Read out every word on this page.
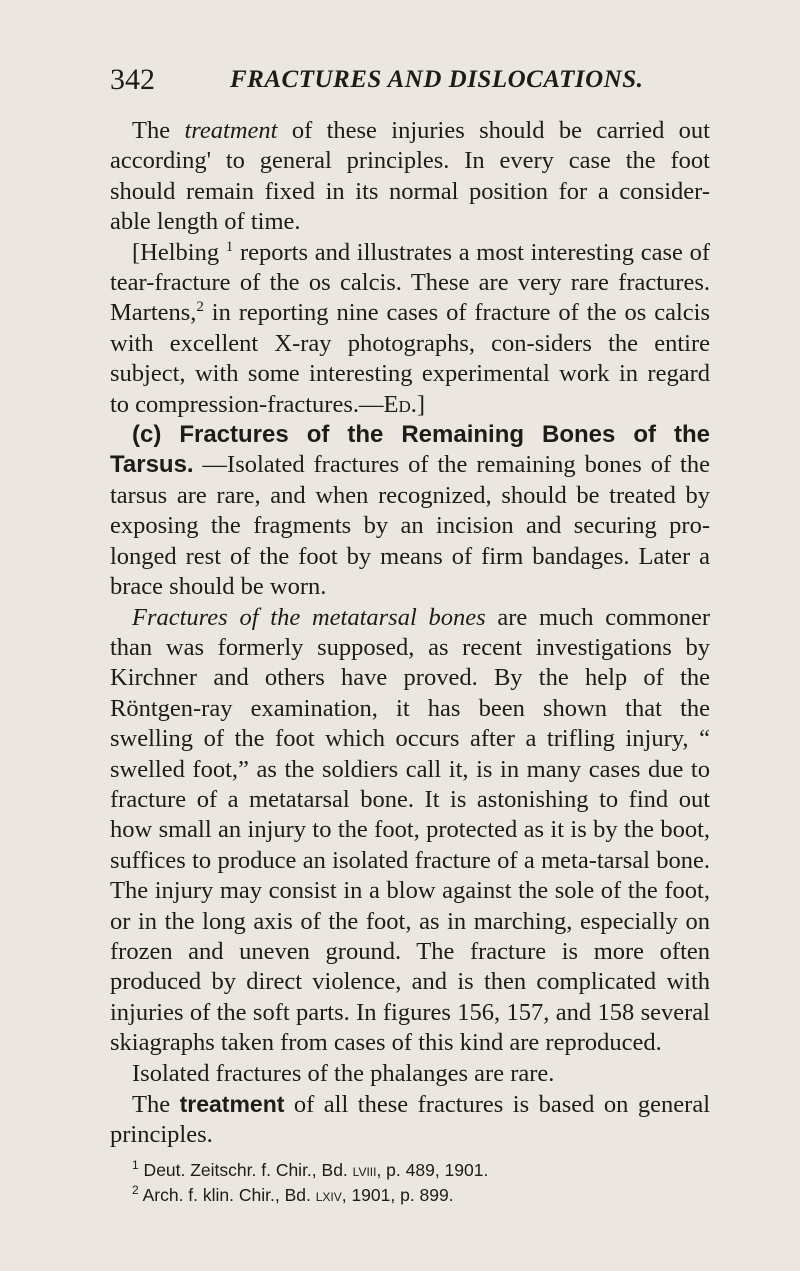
342	FRACTURES AND DISLOCATIONS.

The treatment of these injuries should be carried out according' to general principles. In every case the foot should remain fixed in its normal position for a consider-able length of time.

[Helbing $^1$ reports and illustrates a most interesting case of tear-fracture of the os calcis. These are very rare fractures. Martens,$^2$ in reporting nine cases of fracture of the os calcis with excellent X-ray photographs, con-siders the entire subject, with some interesting experimental work in regard to compression-fractures.—Ed.]

(c) Fractures of the Remaining Bones of the Tarsus. —Isolated fractures of the remaining bones of the tarsus are rare, and when recognized, should be treated by exposing the fragments by an incision and securing pro-longed rest of the foot by means of firm bandages. Later a brace should be worn.

Fractures of the metatarsal bones are much commoner than was formerly supposed, as recent investigations by Kirchner and others have proved. By the help of the Röntgen-ray examination, it has been shown that the swelling of the foot which occurs after a trifling injury, “ swelled foot,” as the soldiers call it, is in many cases due to fracture of a metatarsal bone. It is astonishing to find out how small an injury to the foot, protected as it is by the boot, suffices to produce an isolated fracture of a meta-tarsal bone. The injury may consist in a blow against the sole of the foot, or in the long axis of the foot, as in marching, especially on frozen and uneven ground. The fracture is more often produced by direct violence, and is then complicated with injuries of the soft parts. In figures 156, 157, and 158 several skiagraphs taken from cases of this kind are reproduced.

Isolated fractures of the phalanges are rare.

The treatment of all these fractures is based on general principles.

$^1$ Deut. Zeitschr. f. Chir., Bd. lviii, p. 489, 1901.
$^2$ Arch. f. klin. Chir., Bd. lxiv, 1901, p. 899.
